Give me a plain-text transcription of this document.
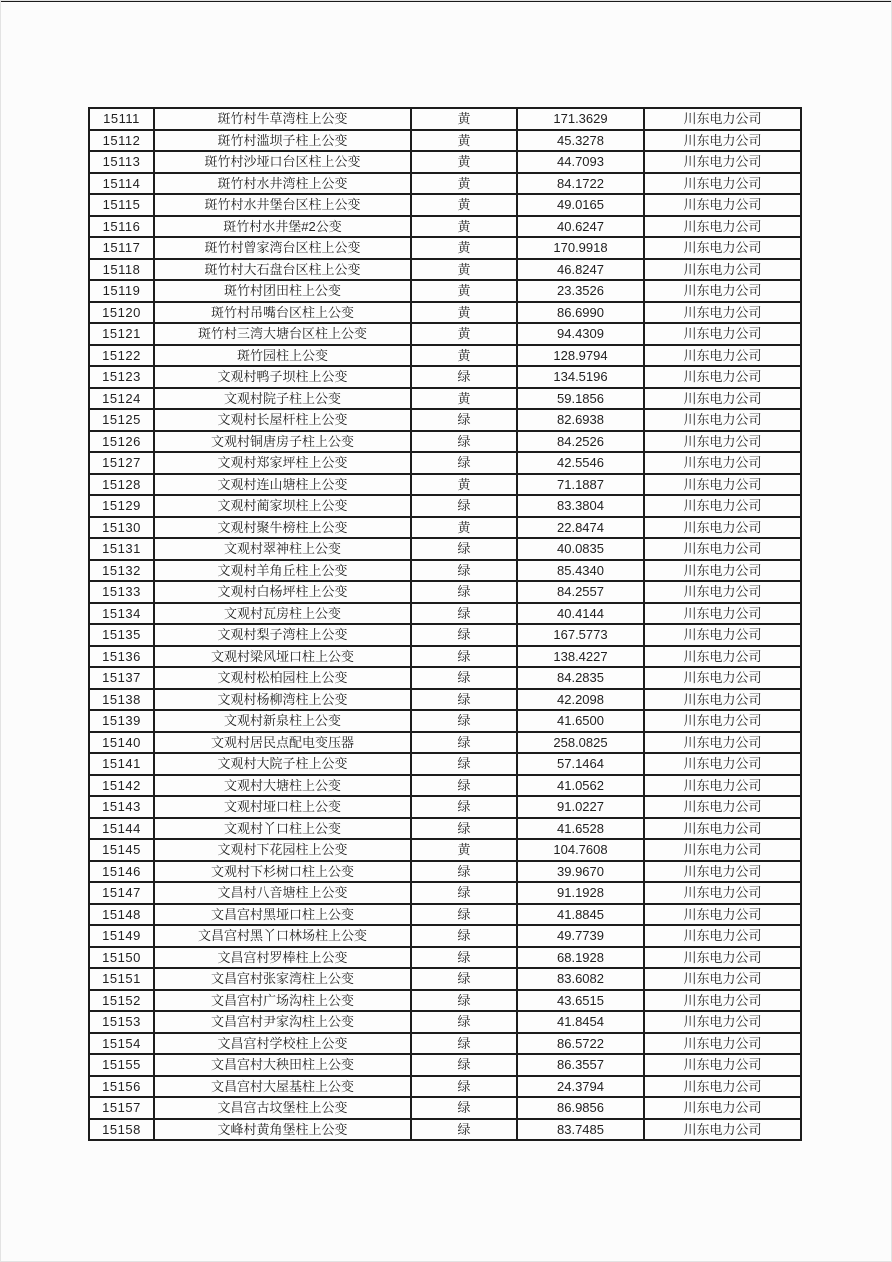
15111	斑竹村牛草湾柱上公变	黄	171.3629	川东电力公司
15112	斑竹村滥坝子柱上公变	黄	45.3278	川东电力公司
15113	斑竹村沙垭口台区柱上公变	黄	44.7093	川东电力公司
15114	斑竹村水井湾柱上公变	黄	84.1722	川东电力公司
15115	斑竹村水井堡台区柱上公变	黄	49.0165	川东电力公司
15116	斑竹村水井堡#2公变	黄	40.6247	川东电力公司
15117	斑竹村曾家湾台区柱上公变	黄	170.9918	川东电力公司
15118	斑竹村大石盘台区柱上公变	黄	46.8247	川东电力公司
15119	斑竹村团田柱上公变	黄	23.3526	川东电力公司
15120	斑竹村吊嘴台区柱上公变	黄	86.6990	川东电力公司
15121	斑竹村三湾大塘台区柱上公变	黄	94.4309	川东电力公司
15122	斑竹园柱上公变	黄	128.9794	川东电力公司
15123	文观村鸭子坝柱上公变	绿	134.5196	川东电力公司
15124	文观村院子柱上公变	黄	59.1856	川东电力公司
15125	文观村长屋杆柱上公变	绿	82.6938	川东电力公司
15126	文观村铜唐房子柱上公变	绿	84.2526	川东电力公司
15127	文观村郑家坪柱上公变	绿	42.5546	川东电力公司
15128	文观村连山塘柱上公变	黄	71.1887	川东电力公司
15129	文观村蔺家坝柱上公变	绿	83.3804	川东电力公司
15130	文观村聚牛榜柱上公变	黄	22.8474	川东电力公司
15131	文观村翠神柱上公变	绿	40.0835	川东电力公司
15132	文观村羊角丘柱上公变	绿	85.4340	川东电力公司
15133	文观村白杨坪柱上公变	绿	84.2557	川东电力公司
15134	文观村瓦房柱上公变	绿	40.4144	川东电力公司
15135	文观村梨子湾柱上公变	绿	167.5773	川东电力公司
15136	文观村梁风垭口柱上公变	绿	138.4227	川东电力公司
15137	文观村松柏园柱上公变	绿	84.2835	川东电力公司
15138	文观村杨柳湾柱上公变	绿	42.2098	川东电力公司
15139	文观村新泉柱上公变	绿	41.6500	川东电力公司
15140	文观村居民点配电变压器	绿	258.0825	川东电力公司
15141	文观村大院子柱上公变	绿	57.1464	川东电力公司
15142	文观村大塘柱上公变	绿	41.0562	川东电力公司
15143	文观村垭口柱上公变	绿	91.0227	川东电力公司
15144	文观村丫口柱上公变	绿	41.6528	川东电力公司
15145	文观村下花园柱上公变	黄	104.7608	川东电力公司
15146	文观村下杉树口柱上公变	绿	39.9670	川东电力公司
15147	文昌村八音塘柱上公变	绿	91.1928	川东电力公司
15148	文昌宫村黑垭口柱上公变	绿	41.8845	川东电力公司
15149	文昌宫村黑丫口林场柱上公变	绿	49.7739	川东电力公司
15150	文昌宫村罗棒柱上公变	绿	68.1928	川东电力公司
15151	文昌宫村张家湾柱上公变	绿	83.6082	川东电力公司
15152	文昌宫村广场沟柱上公变	绿	43.6515	川东电力公司
15153	文昌宫村尹家沟柱上公变	绿	41.8454	川东电力公司
15154	文昌宫村学校柱上公变	绿	86.5722	川东电力公司
15155	文昌宫村大秧田柱上公变	绿	86.3557	川东电力公司
15156	文昌宫村大屋基柱上公变	绿	24.3794	川东电力公司
15157	文昌宫古坟堡柱上公变	绿	86.9856	川东电力公司
15158	文峰村黄角堡柱上公变	绿	83.7485	川东电力公司
